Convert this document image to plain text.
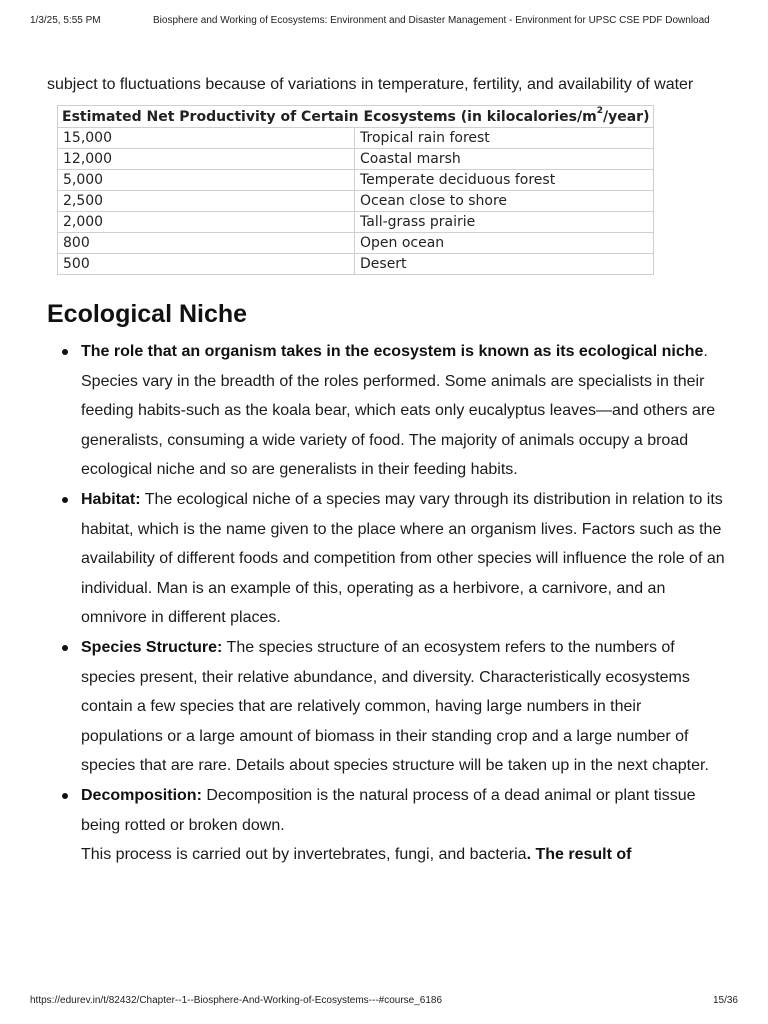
1/3/25, 5:55 PM	Biosphere and Working of Ecosystems: Environment and Disaster Management - Environment for UPSC CSE PDF Download

subject to fluctuations because of variations in temperature, fertility, and availability of water

Estimated Net Productivity of Certain Ecosystems (in kilocalories/$m^2/year$)	
15,000	Tropical rain forest
12,000	Coastal marsh
5,000	Temperate deciduous forest
2,500	Ocean close to shore
2,000	Tall-grass prairie
800	Open ocean
500	Desert
Ecological Niche
The role that an organism takes in the ecosystem is known as its ecological niche. Species vary in the breadth of the roles performed. Some animals are specialists in their feeding habits-such as the koala bear, which eats only eucalyptus leaves—and others are generalists, consuming a wide variety of food. The majority of animals occupy a broad ecological niche and so are generalists in their feeding habits.
Habitat: The ecological niche of a species may vary through its distribution in relation to its habitat, which is the name given to the place where an organism lives. Factors such as the availability of different foods and competition from other species will influence the role of an individual. Man is an example of this, operating as a herbivore, a carnivore, and an omnivore in different places.
Species Structure: The species structure of an ecosystem refers to the numbers of species present, their relative abundance, and diversity. Characteristically ecosystems contain a few species that are relatively common, having large numbers in their populations or a large amount of biomass in their standing crop and a large number of species that are rare. Details about species structure will be taken up in the next chapter.
Decomposition: Decomposition is the natural process of a dead animal or plant tissue being rotted or broken down.
This process is carried out by invertebrates, fungi, and bacteria. The result of
https://edurev.in/t/82432/Chapter--1--Biosphere-And-Working-of-Ecosystems---#course_6186	15/36
